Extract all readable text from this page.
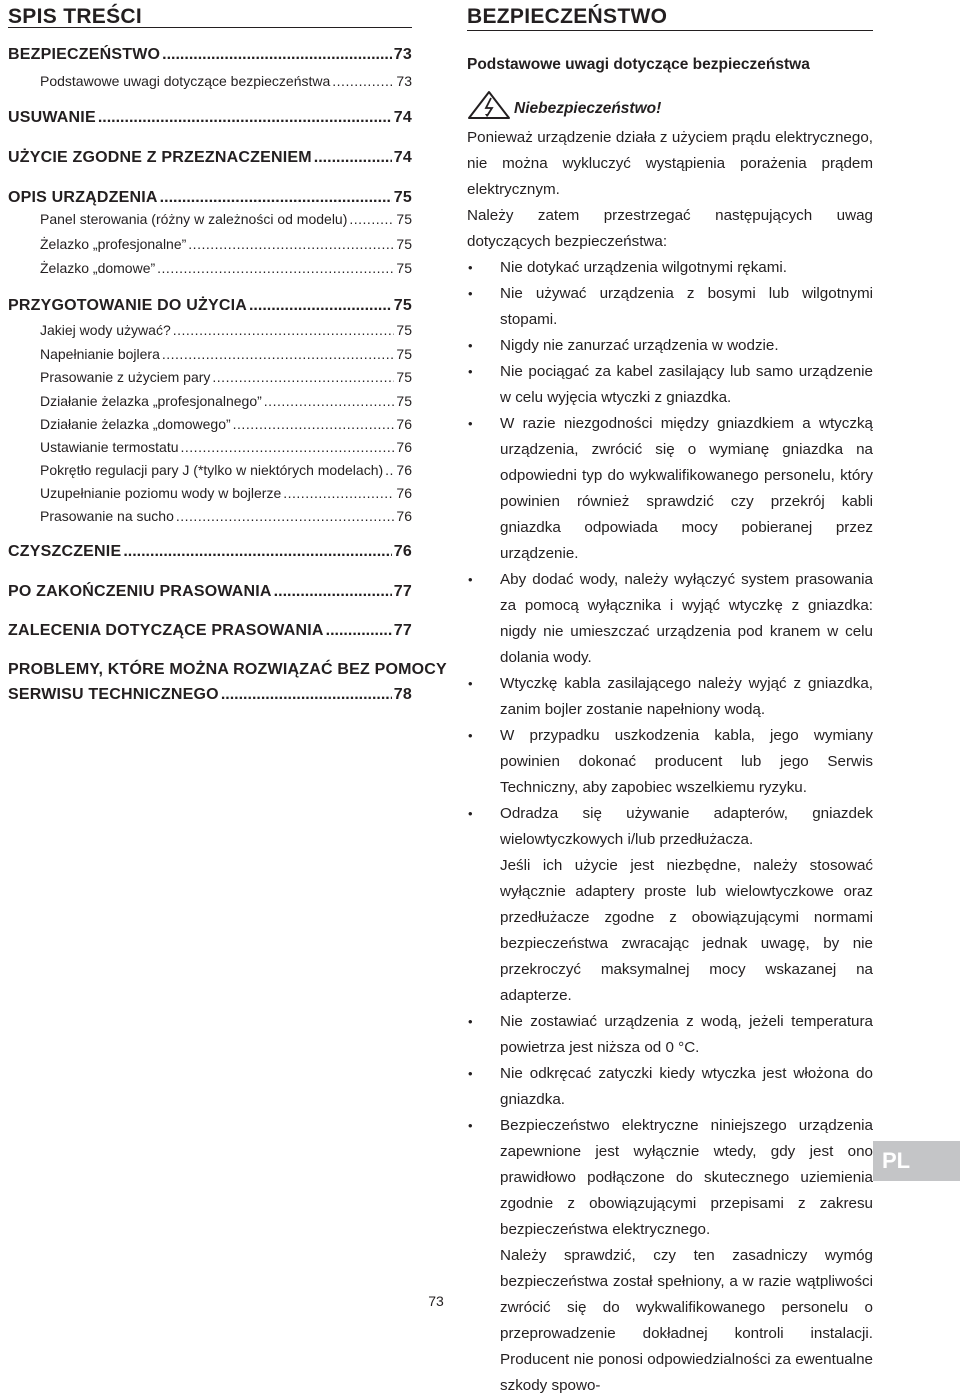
SPIS TREŚCI
BEZPIECZEŃSTWO .....	73
Podstawowe uwagi dotyczące bezpieczeństwa .....	73
USUWANIE .....	74
UŻYCIE ZGODNE Z PRZEZNACZENIEM .....	74
OPIS URZĄDZENIA .....	75
Panel sterowania (różny w zależności od modelu) .....	75
Żelazko „profesjonalne” .....	75
Żelazko „domowe” .....	75
PRZYGOTOWANIE DO UŻYCIA .....	75
Jakiej wody używać? .....	75
Napełnianie bojlera .....	75
Prasowanie z użyciem pary .....	75
Działanie żelazka „profesjonalnego” .....	75
Działanie żelazka „domowego” .....	76
Ustawianie termostatu .....	76
Pokrętło regulacji pary J (*tylko w niektórych modelach) ..... 76
Uzupełnianie poziomu wody w bojlerze .....	76
Prasowanie na sucho .....	76
CZYSZCZENIE .....	76
PO ZAKOŃCZENIU PRASOWANIA .....	77
ZALECENIA DOTYCZĄCE PRASOWANIA .....	77
PROBLEMY, KTÓRE MOŻNA ROZWIĄZAĆ BEZ POMOCY
SERWISU TECHNICZNEGO .....	78
BEZPIECZEŃSTWO
Podstawowe uwagi dotyczące bezpieczeństwa
Niebezpieczeństwo!

Ponieważ urządzenie działa z użyciem prądu elektrycznego, nie można wykluczyć wystąpienia porażenia prądem elektrycznym.

Należy zatem przestrzegać następujących uwag dotyczących bezpieczeństwa:

• Nie dotykać urządzenia wilgotnymi rękami.
• Nie używać urządzenia z bosymi lub wilgotnymi stopami.
• Nigdy nie zanurzać urządzenia w wodzie.
• Nie pociągać za kabel zasilający lub samo urządzenie w celu wyjęcia wtyczki z gniazdka.
• W razie niezgodności między gniazdkiem a wtyczką urządzenia, zwrócić się o wymianę gniazdka na odpowiedni typ do wykwalifikowanego personelu, który powinien również sprawdzić czy przekrój kabli gniazdka odpowiada mocy pobieranej przez urządzenie.
• Aby dodać wody, należy wyłączyć system prasowania za pomocą wyłącznika i wyjąć wtyczkę z gniazdka: nigdy nie umieszczać urządzenia pod kranem w celu dolania wody.
• Wtyczkę kabla zasilającego należy wyjąć z gniazdka, zanim bojler zostanie napełniony wodą.
• W przypadku uszkodzenia kabla, jego wymiany powinien dokonać producent lub jego Serwis Techniczny, aby zapobiec wszelkiemu ryzyku.
• Odradza się używanie adapterów, gniazdek wielowtyczkowych i/lub przedłużacza.
Jeśli ich użycie jest niezbędne, należy stosować wyłącznie adaptery proste lub wielowtyczkowe oraz przedłużacze zgodne z obowiązującymi normami bezpieczeństwa zwracając jednak uwagę, by nie przekroczyć maksymalnej mocy wskazanej na adapterze.
• Nie zostawiać urządzenia z wodą, jeżeli temperatura powietrza jest niższa od 0 °C.
• Nie odkręcać zatyczki kiedy wtyczka jest włożona do gniazdka.
• Bezpieczeństwo elektryczne niniejszego urządzenia zapewnione jest wyłącznie wtedy, gdy jest ono prawidłowo podłączone do skutecznego uziemienia zgodnie z obowiązującymi przepisami z zakresu bezpieczeństwa elektrycznego.
Należy sprawdzić, czy ten zasadniczy wymóg bezpieczeństwa został spełniony, a w razie wątpliwości zwrócić się do wykwalifikowanego personelu o przeprowadzenie dokładnej kontroli instalacji. Producent nie ponosi odpowiedzialności za ewentualne szkody spowo-
PL
73
